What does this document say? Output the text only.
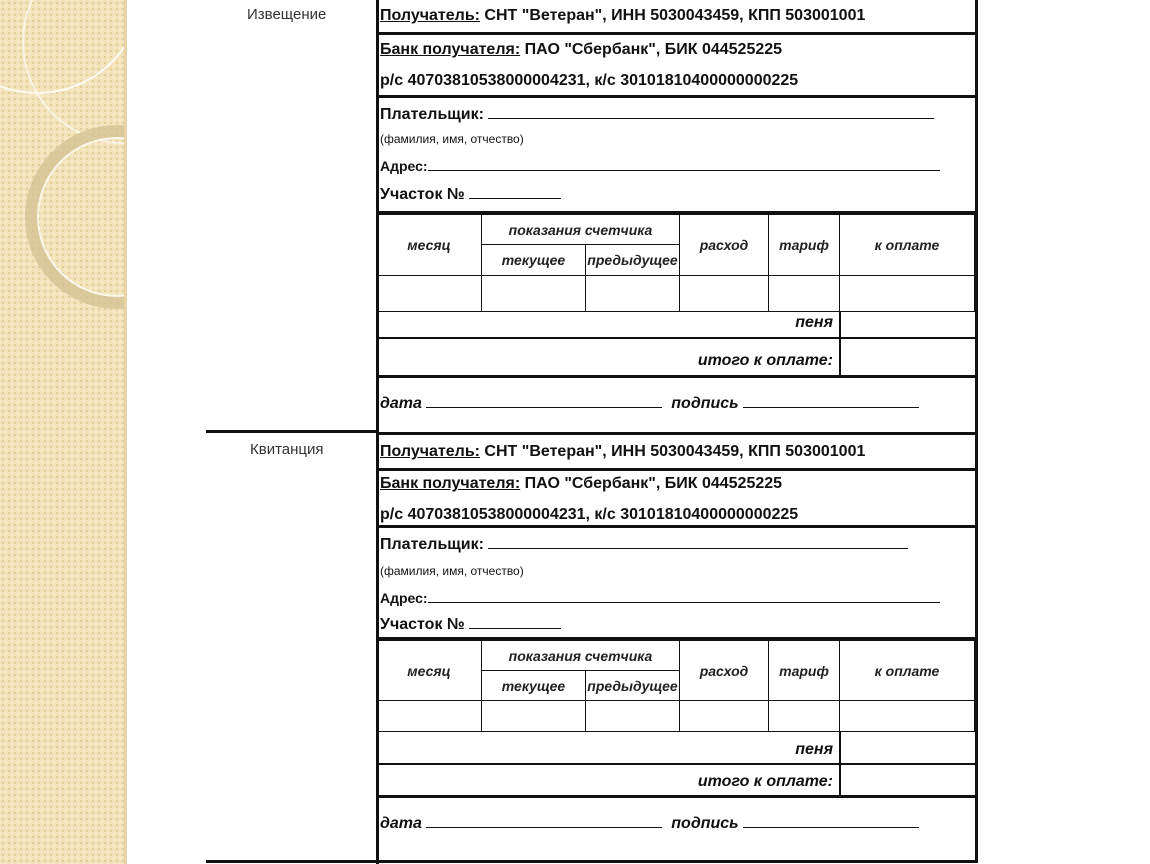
Извещение
Квитанция
Получатель: СНТ "Ветеран", ИНН 5030043459, КПП 503001001
Банк получателя: ПАО "Сбербанк", БИК 044525225
р/с 40703810538000004231, к/с 30101810400000000225
Плательщик:
(фамилия, имя, отчество)
Адрес:
Участок №
месяц	показания счетчика		расход	тариф	к оплате
	текущее	предыдущее			

пеня
итого к оплате:
дата	подпись
Получатель: СНТ "Ветеран", ИНН 5030043459, КПП 503001001
Банк получателя: ПАО "Сбербанк", БИК 044525225
р/с 40703810538000004231, к/с 30101810400000000225
Плательщик:
(фамилия, имя, отчество)
Адрес:
Участок №
месяц	показания счетчика		расход	тариф	к оплате
	текущее	предыдущее			

пеня
итого к оплате:
дата	подпись
